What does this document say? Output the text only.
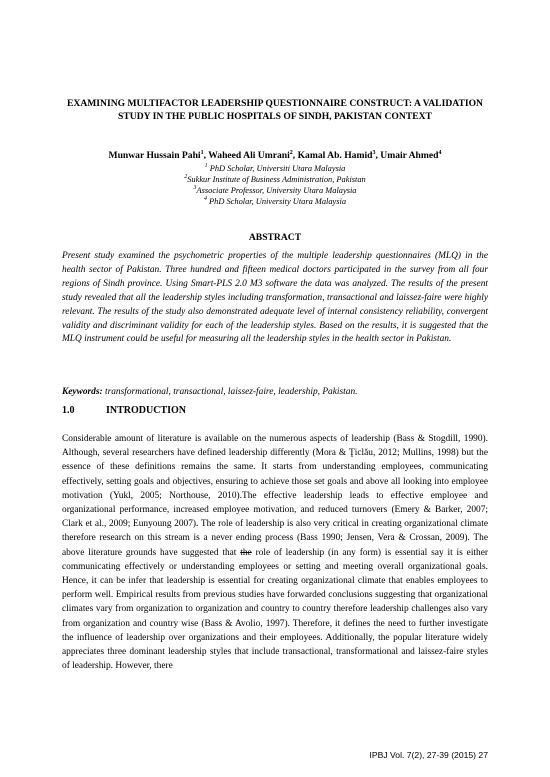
EXAMINING MULTIFACTOR LEADERSHIP QUESTIONNAIRE CONSTRUCT: A VALIDATION STUDY IN THE PUBLIC HOSPITALS OF SINDH, PAKISTAN CONTEXT
Munwar Hussain Pahi$^1$, Waheed Ali Umrani$^2$, Kamal Ab. Hamid$^3$, Umair Ahmed$^4$
$^1$ PhD Scholar, Universiti Utara Malaysia
$^2$Sukkur Institute of Business Administration, Pakistan
$^3$Associate Professor, University Utara Malaysia
$^4$ PhD Scholar, University Utara Malaysia
ABSTRACT

Present study examined the psychometric properties of the multiple leadership questionnaires (MLQ) in the health sector of Pakistan. Three hundred and fifteen medical doctors participated in the survey from all four regions of Sindh province. Using Smart-PLS 2.0 M3 software the data was analyzed. The results of the present study revealed that all the leadership styles including transformation, transactional and laissez-faire were highly relevant. The results of the study also demonstrated adequate level of internal consistency reliability, convergent validity and discriminant validity for each of the leadership styles. Based on the results, it is suggested that the MLQ instrument could be useful for measuring all the leadership styles in the health sector in Pakistan.

Keywords: transformational, transactional, laissez-faire, leadership, Pakistan.

1.0	INTRODUCTION

Considerable amount of literature is available on the numerous aspects of leadership (Bass & Stogdill, 1990). Although, several researchers have defined leadership differently (Mora & Ţiclău, 2012; Mullins, 1998) but the essence of these definitions remains the same. It starts from understanding employees, communicating effectively, setting goals and objectives, ensuring to achieve those set goals and above all looking into employee motivation (Yukl, 2005; Northouse, 2010).The effective leadership leads to effective employee and organizational performance, increased employee motivation, and reduced turnovers (Emery & Barker, 2007; Clark et al., 2009; Eunyoung 2007). The role of leadership is also very critical in creating organizational climate therefore research on this stream is a never ending process (Bass 1990; Jensen, Vera & Crossan, 2009). The above literature grounds have suggested that the role of leadership (in any form) is essential say it is either communicating effectively or understanding employees or setting and meeting overall organizational goals. Hence, it can be infer that leadership is essential for creating organizational climate that enables employees to perform well. Empirical results from previous studies have forwarded conclusions suggesting that organizational climates vary from organization to organization and country to country therefore leadership challenges also vary from organization and country wise (Bass & Avolio, 1997). Therefore, it defines the need to further investigate the influence of leadership over organizations and their employees. Additionally, the popular literature widely appreciates three dominant leadership styles that include transactional, transformational and laissez-faire styles of leadership. However, there

IPBJ Vol. 7(2), 27-39 (2015) 27
